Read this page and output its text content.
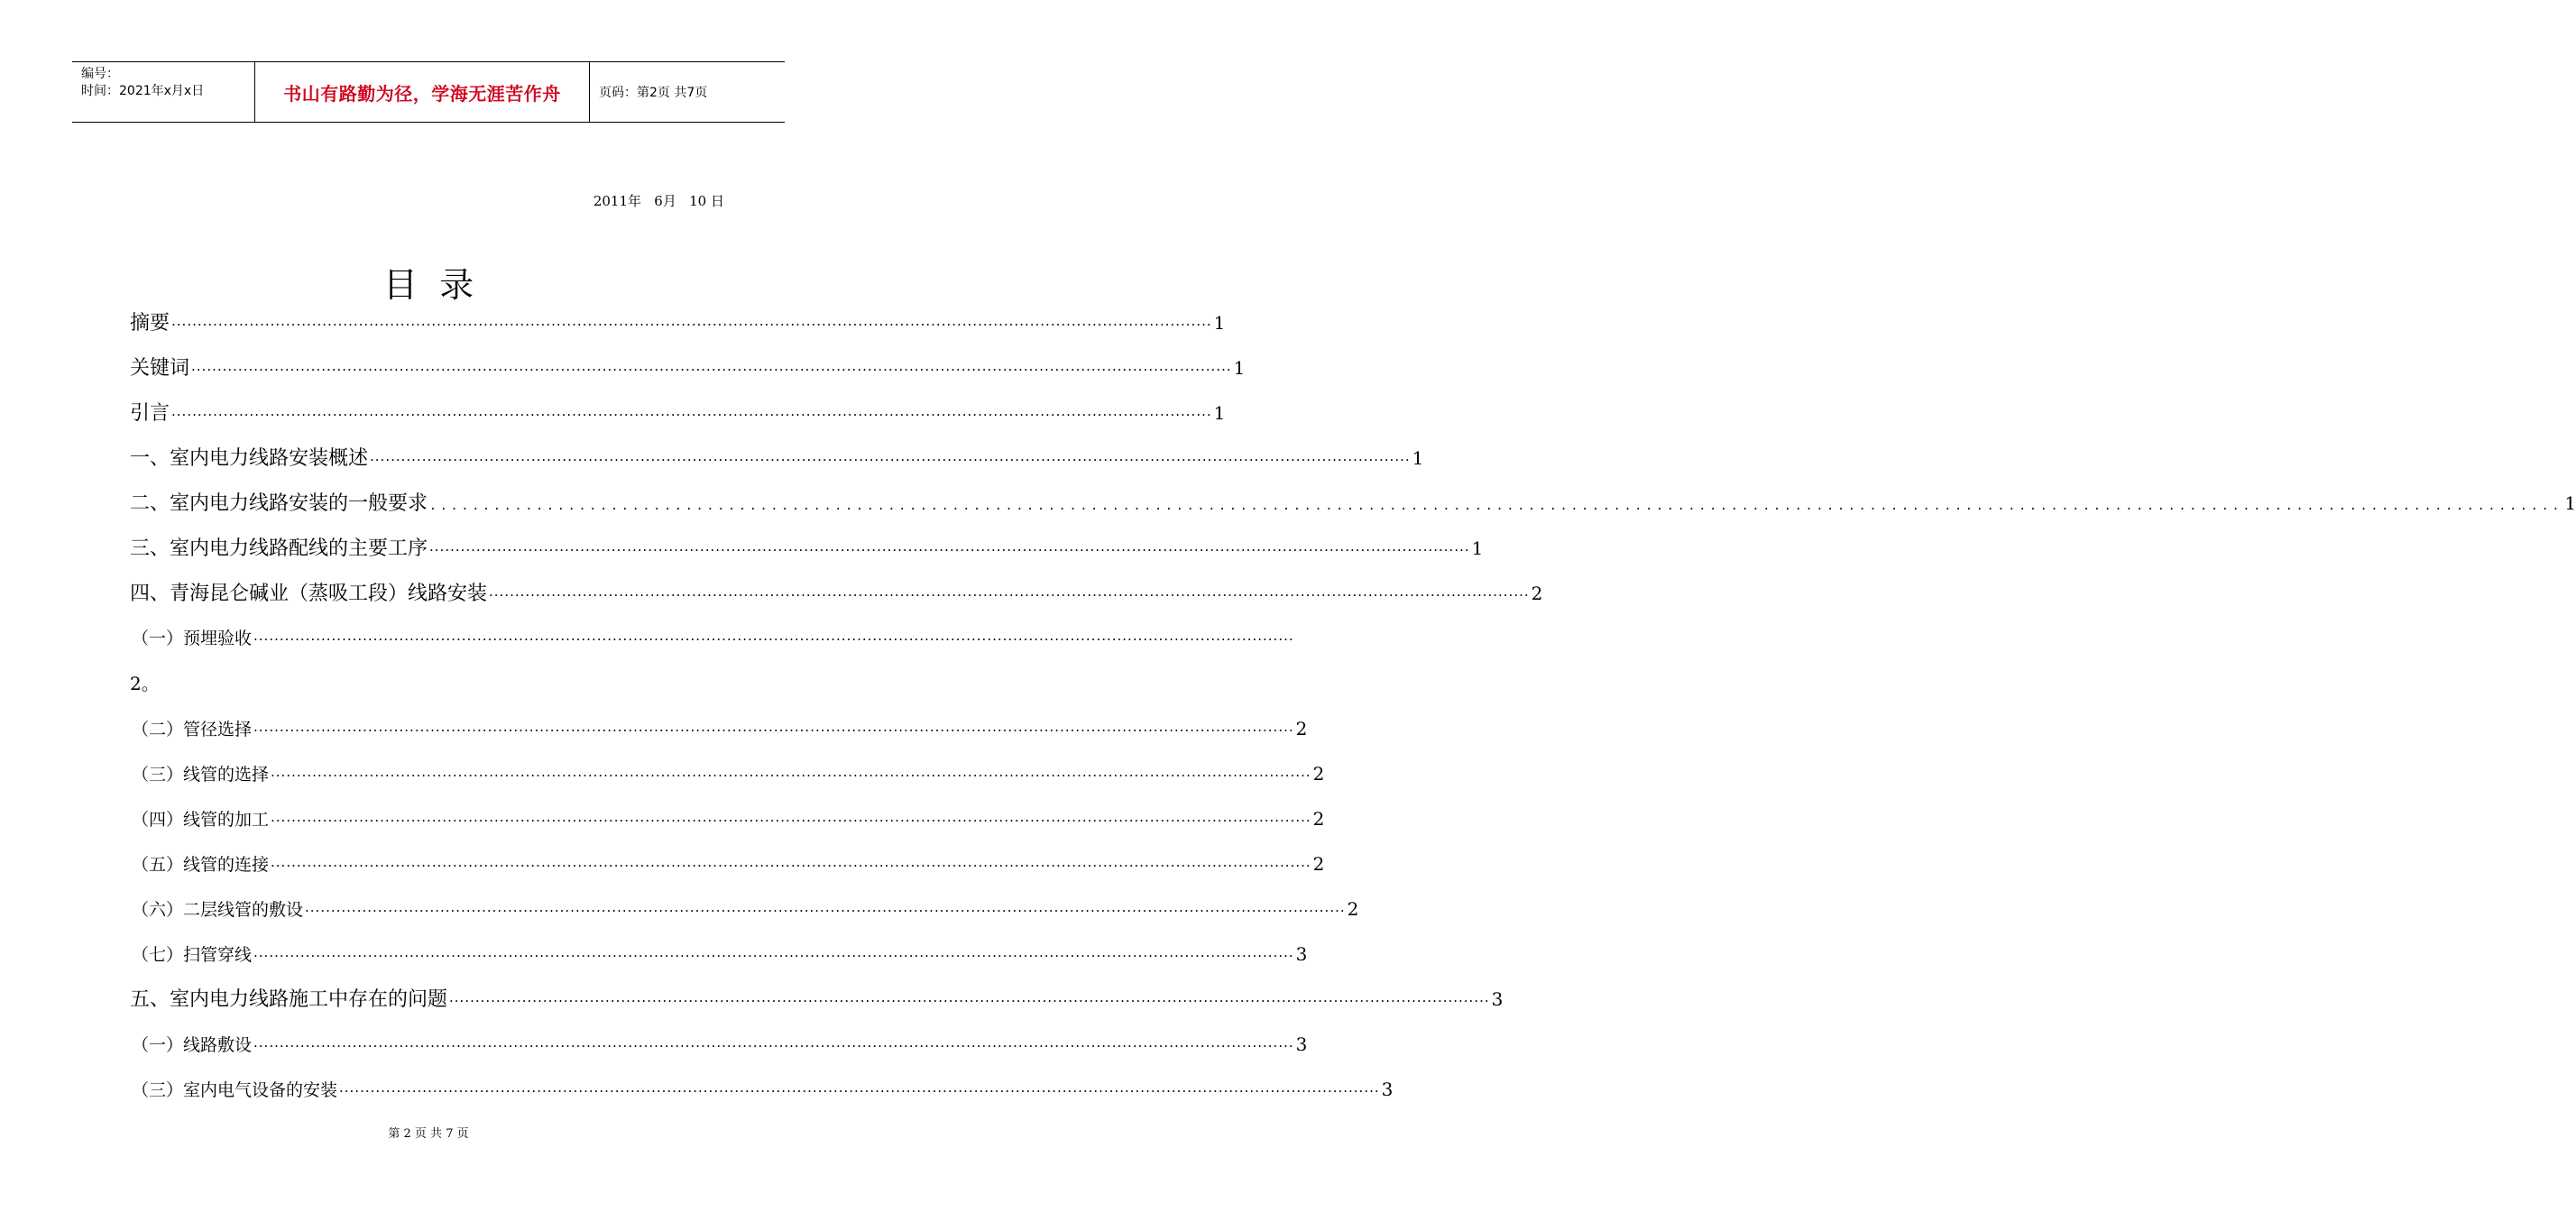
编号：
时间：2021年x月x日	书山有路勤为径，学海无涯苦作舟	页码：第2页 共7页
2011年   6月   10 日
目  录
摘要 ········································································································································································································ 1
关键词 ········································································································································································································ 1
引言 ········································································································································································································ 1
一、室内电力线路安装概述 ········································································································································································································ 1
二、室内电力线路安装的一般要求 ........................................................................................................................................................................................................ 1
三、室内电力线路配线的主要工序 ········································································································································································································ 1
四、青海昆仑碱业（蒸吸工段）线路安装 ········································································································································································································ 2
（一）预埋验收 ········································································································································································································
2。
（二）管径选择 ········································································································································································································ 2
（三）线管的选择 ········································································································································································································ 2
（四）线管的加工 ········································································································································································································ 2
（五）线管的连接 ········································································································································································································ 2
（六）二层线管的敷设 ········································································································································································································ 2
（七）扫管穿线 ········································································································································································································ 3
五、室内电力线路施工中存在的问题 ········································································································································································································ 3
（一）线路敷设 ········································································································································································································ 3
（三）室内电气设备的安装 ········································································································································································································ 3
第 2 页 共 7 页
